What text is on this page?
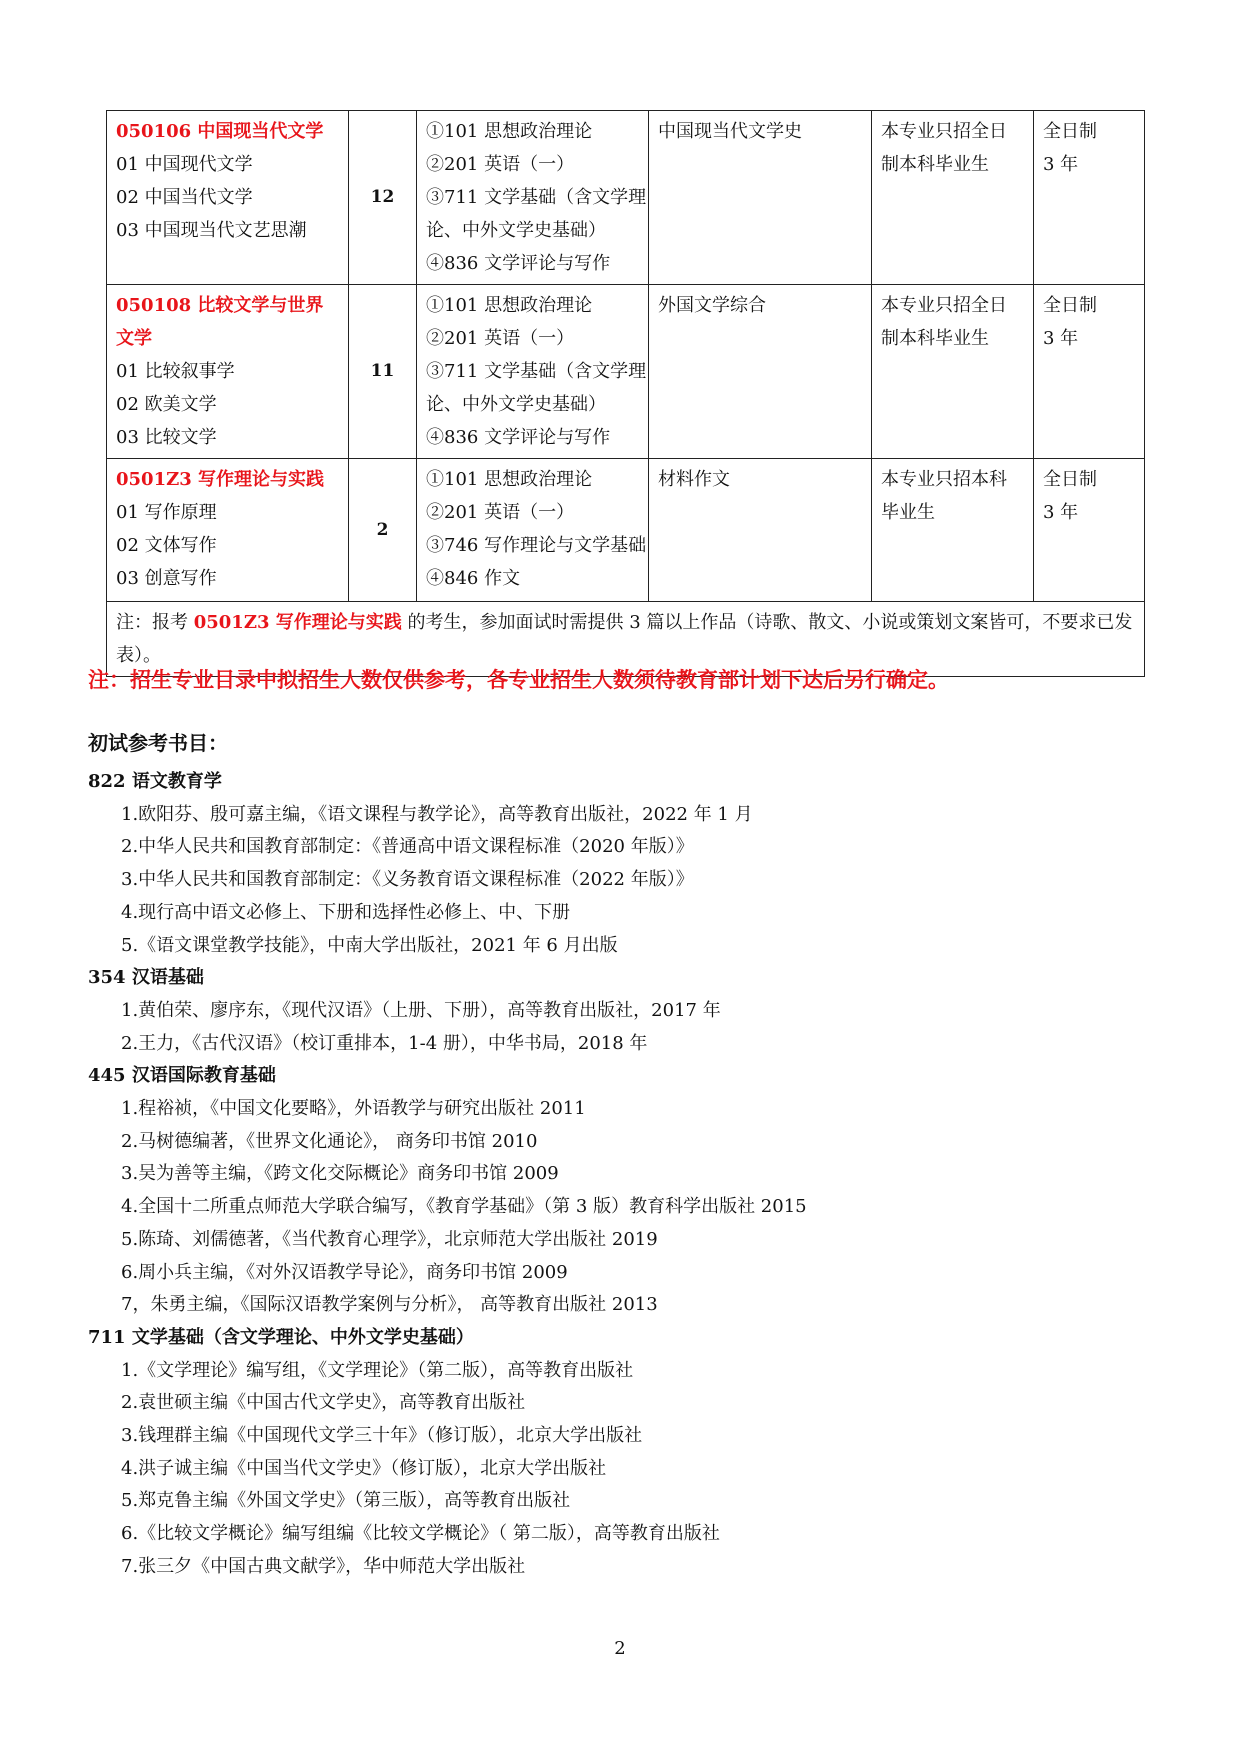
050106 中国现当代文学
01 中国现代文学
02 中国当代文学
03 中国现当代文艺思潮	12	①101 思想政治理论
②201 英语（一）
③711 文学基础（含文学理
论、中外文学史基础）
④836 文学评论与写作	中国现当代文学史	本专业只招全日
制本科毕业生	全日制
3 年

050108 比较文学与世界文学
01 比较叙事学
02 欧美文学
03 比较文学	11	①101 思想政治理论
②201 英语（一）
③711 文学基础（含文学理
论、中外文学史基础）
④836 文学评论与写作	外国文学综合	本专业只招全日
制本科毕业生	全日制
3 年

0501Z3 写作理论与实践
01 写作原理
02 文体写作
03 创意写作	2	①101 思想政治理论
②201 英语（一）
③746 写作理论与文学基础
④846 作文	材料作文	本专业只招本科
毕业生	全日制
3 年

注：报考 0501Z3 写作理论与实践 的考生，参加面试时需提供 3 篇以上作品（诗歌、散文、小说或策划文案皆可，不要求已发表）。					
注：招生专业目录中拟招生人数仅供参考，各专业招生人数须待教育部计划下达后另行确定。
初试参考书目：
822 语文教育学
1.欧阳芬、殷可嘉主编，《语文课程与教学论》，高等教育出版社，2022 年 1 月
2.中华人民共和国教育部制定：《普通高中语文课程标准（2020 年版）》
3.中华人民共和国教育部制定：《义务教育语文课程标准（2022 年版）》
4.现行高中语文必修上、下册和选择性必修上、中、下册
5.《语文课堂教学技能》，中南大学出版社，2021 年 6 月出版
354 汉语基础
1.黄伯荣、廖序东，《现代汉语》（上册、下册），高等教育出版社，2017 年
2.王力，《古代汉语》（校订重排本，1-4 册），中华书局，2018 年
445 汉语国际教育基础
1.程裕祯，《中国文化要略》，外语教学与研究出版社 2011
2.马树德编著，《世界文化通论》， 商务印书馆 2010
3.吴为善等主编，《跨文化交际概论》商务印书馆 2009
4.全国十二所重点师范大学联合编写，《教育学基础》（第 3 版）教育科学出版社 2015
5.陈琦、刘儒德著，《当代教育心理学》，北京师范大学出版社 2019
6.周小兵主编，《对外汉语教学导论》，商务印书馆 2009
7，朱勇主编，《国际汉语教学案例与分析》， 高等教育出版社 2013
711 文学基础（含文学理论、中外文学史基础）
1.《文学理论》编写组，《文学理论》（第二版），高等教育出版社
2.袁世硕主编《中国古代文学史》，高等教育出版社
3.钱理群主编《中国现代文学三十年》（修订版），北京大学出版社
4.洪子诚主编《中国当代文学史》（修订版），北京大学出版社
5.郑克鲁主编《外国文学史》（第三版），高等教育出版社
6.《比较文学概论》编写组编《比较文学概论》（ 第二版），高等教育出版社
7.张三夕《中国古典文献学》，华中师范大学出版社
2
